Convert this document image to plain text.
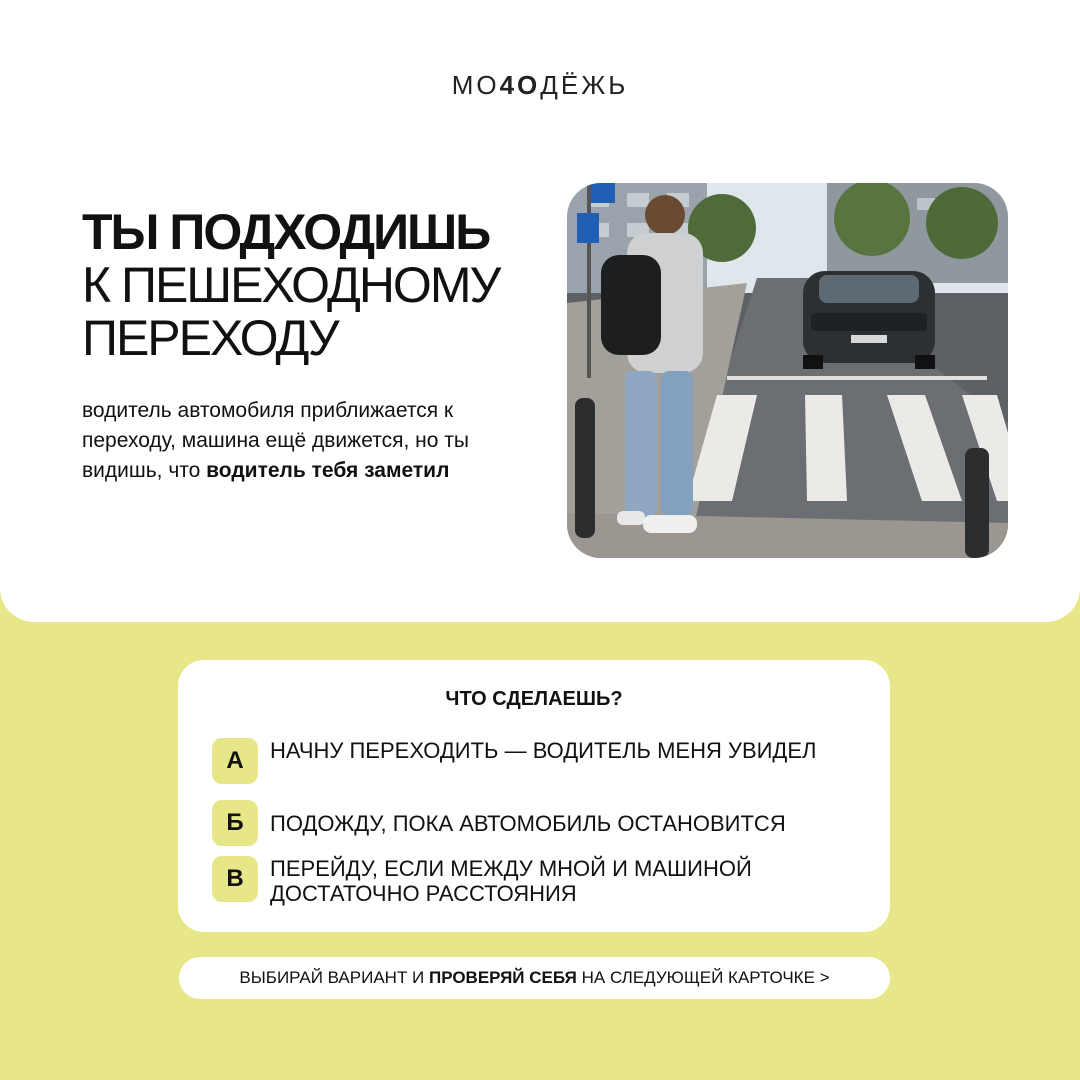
МО4ОДЁЖЬ
ТЫ ПОДХОДИШЬ
К ПЕШЕХОДНОМУ
ПЕРЕХОДУ
водитель автомобиля приближается к переходу, машина ещё движется, но ты видишь, что водитель тебя заметил
ЧТО СДЕЛАЕШЬ?
А	НАЧНУ ПЕРЕХОДИТЬ — ВОДИТЕЛЬ МЕНЯ УВИДЕЛ
Б	ПОДОЖДУ, ПОКА АВТОМОБИЛЬ ОСТАНОВИТСЯ
В	ПЕРЕЙДУ, ЕСЛИ МЕЖДУ МНОЙ И МАШИНОЙ ДОСТАТОЧНО РАССТОЯНИЯ
ВЫБИРАЙ ВАРИАНТ И ПРОВЕРЯЙ СЕБЯ НА СЛЕДУЮЩЕЙ КАРТОЧКЕ >
